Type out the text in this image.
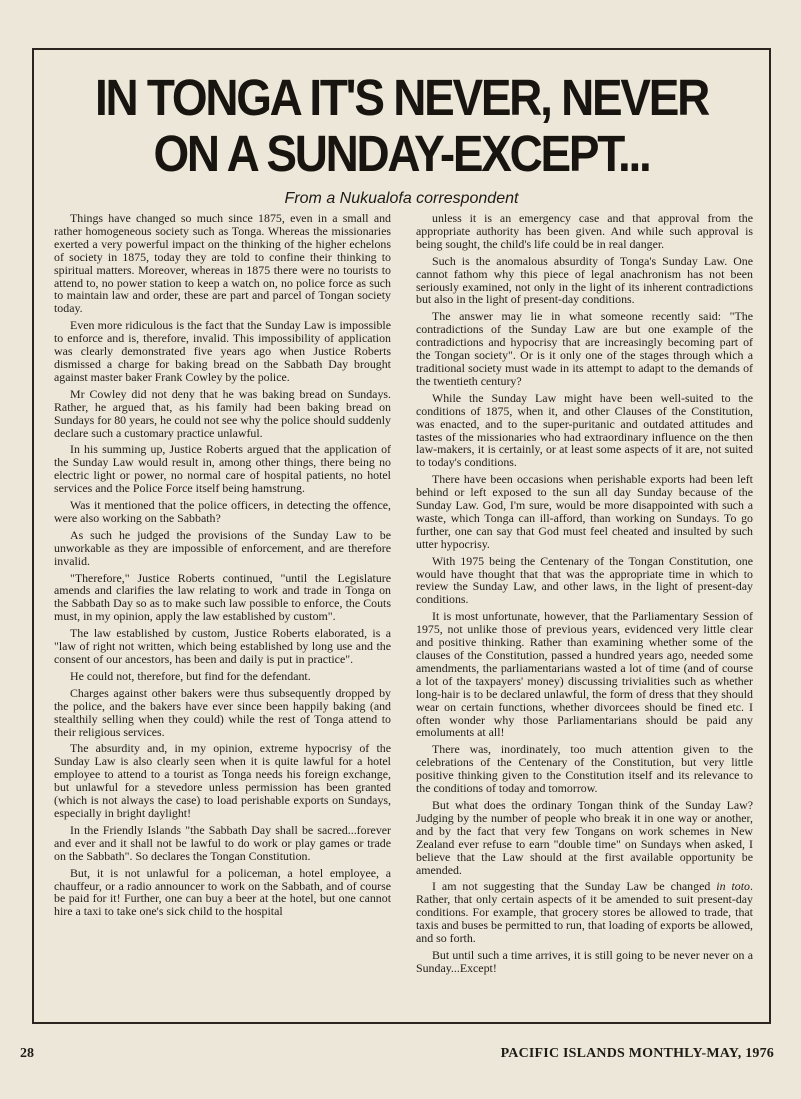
IN TONGA IT'S NEVER, NEVER
ON A SUNDAY-EXCEPT...
From a Nukualofa correspondent

Things have changed so much since 1875, even in a small and rather homogeneous society such as Tonga. Whereas the missionaries exerted a very powerful impact on the thinking of the higher echelons of society in 1875, today they are told to confine their thinking to spiritual matters. Moreover, whereas in 1875 there were no tourists to attend to, no power station to keep a watch on, no police force as such to maintain law and order, these are part and parcel of Tongan society today.

Even more ridiculous is the fact that the Sunday Law is impossible to enforce and is, therefore, invalid. This impossibility of application was clearly demonstrated five years ago when Justice Roberts dismissed a charge for baking bread on the Sabbath Day brought against master baker Frank Cowley by the police.

Mr Cowley did not deny that he was baking bread on Sundays. Rather, he argued that, as his family had been baking bread on Sundays for 80 years, he could not see why the police should suddenly declare such a customary practice unlawful.

In his summing up, Justice Roberts argued that the application of the Sunday Law would result in, among other things, there being no electric light or power, no normal care of hospital patients, no hotel services and the Police Force itself being hamstrung.

Was it mentioned that the police officers, in detecting the offence, were also working on the Sabbath?

As such he judged the provisions of the Sunday Law to be unworkable as they are impossible of enforcement, and are therefore invalid.

"Therefore," Justice Roberts continued, "until the Legislature amends and clarifies the law relating to work and trade in Tonga on the Sabbath Day so as to make such law possible to enforce, the Couts must, in my opinion, apply the law established by custom".

The law established by custom, Justice Roberts elaborated, is a "law of right not written, which being established by long use and the consent of our ancestors, has been and daily is put in practice".

He could not, therefore, but find for the defendant.

Charges against other bakers were thus subsequently dropped by the police, and the bakers have ever since been happily baking (and stealthily selling when they could) while the rest of Tonga attend to their religious services.

The absurdity and, in my opinion, extreme hypocrisy of the Sunday Law is also clearly seen when it is quite lawful for a hotel employee to attend to a tourist as Tonga needs his foreign exchange, but unlawful for a stevedore unless permission has been granted (which is not always the case) to load perishable exports on Sundays, especially in bright daylight!

In the Friendly Islands "the Sabbath Day shall be sacred...forever and ever and it shall not be lawful to do work or play games or trade on the Sabbath". So declares the Tongan Constitution.

But, it is not unlawful for a policeman, a hotel employee, a chauffeur, or a radio announcer to work on the Sabbath, and of course be paid for it! Further, one can buy a beer at the hotel, but one cannot hire a taxi to take one's sick child to the hospital

unless it is an emergency case and that approval from the appropriate authority has been given. And while such approval is being sought, the child's life could be in real danger.

Such is the anomalous absurdity of Tonga's Sunday Law. One cannot fathom why this piece of legal anachronism has not been seriously examined, not only in the light of its inherent contradictions but also in the light of present-day conditions.

The answer may lie in what someone recently said: "The contradictions of the Sunday Law are but one example of the contradictions and hypocrisy that are increasingly becoming part of the Tongan society". Or is it only one of the stages through which a traditional society must wade in its attempt to adapt to the demands of the twentieth century?

While the Sunday Law might have been well-suited to the conditions of 1875, when it, and other Clauses of the Constitution, was enacted, and to the super-puritanic and outdated attitudes and tastes of the missionaries who had extraordinary influence on the then law-makers, it is certainly, or at least some aspects of it are, not suited to today's conditions.

There have been occasions when perishable exports had been left behind or left exposed to the sun all day Sunday because of the Sunday Law. God, I'm sure, would be more disappointed with such a waste, which Tonga can ill-afford, than working on Sundays. To go further, one can say that God must feel cheated and insulted by such utter hypocrisy.

With 1975 being the Centenary of the Tongan Constitution, one would have thought that that was the appropriate time in which to review the Sunday Law, and other laws, in the light of present-day conditions.

It is most unfortunate, however, that the Parliamentary Session of 1975, not unlike those of previous years, evidenced very little clear and positive thinking. Rather than examining whether some of the clauses of the Constitution, passed a hundred years ago, needed some amendments, the parliamentarians wasted a lot of time (and of course a lot of the taxpayers' money) discussing trivialities such as whether long-hair is to be declared unlawful, the form of dress that they should wear on certain functions, whether divorcees should be fined etc. I often wonder why those Parliamentarians should be paid any emoluments at all!

There was, inordinately, too much attention given to the celebrations of the Centenary of the Constitution, but very little positive thinking given to the Constitution itself and its relevance to the conditions of today and tomorrow.

But what does the ordinary Tongan think of the Sunday Law? Judging by the number of people who break it in one way or another, and by the fact that very few Tongans on work schemes in New Zealand ever refuse to earn "double time" on Sundays when asked, I believe that the Law should at the first available opportunity be amended.

I am not suggesting that the Sunday Law be changed in toto. Rather, that only certain aspects of it be amended to suit present-day conditions. For example, that grocery stores be allowed to trade, that taxis and buses be permitted to run, that loading of exports be allowed, and so forth.

But until such a time arrives, it is still going to be never never on a Sunday...Except!

28	PACIFIC ISLANDS MONTHLY-MAY, 1976
